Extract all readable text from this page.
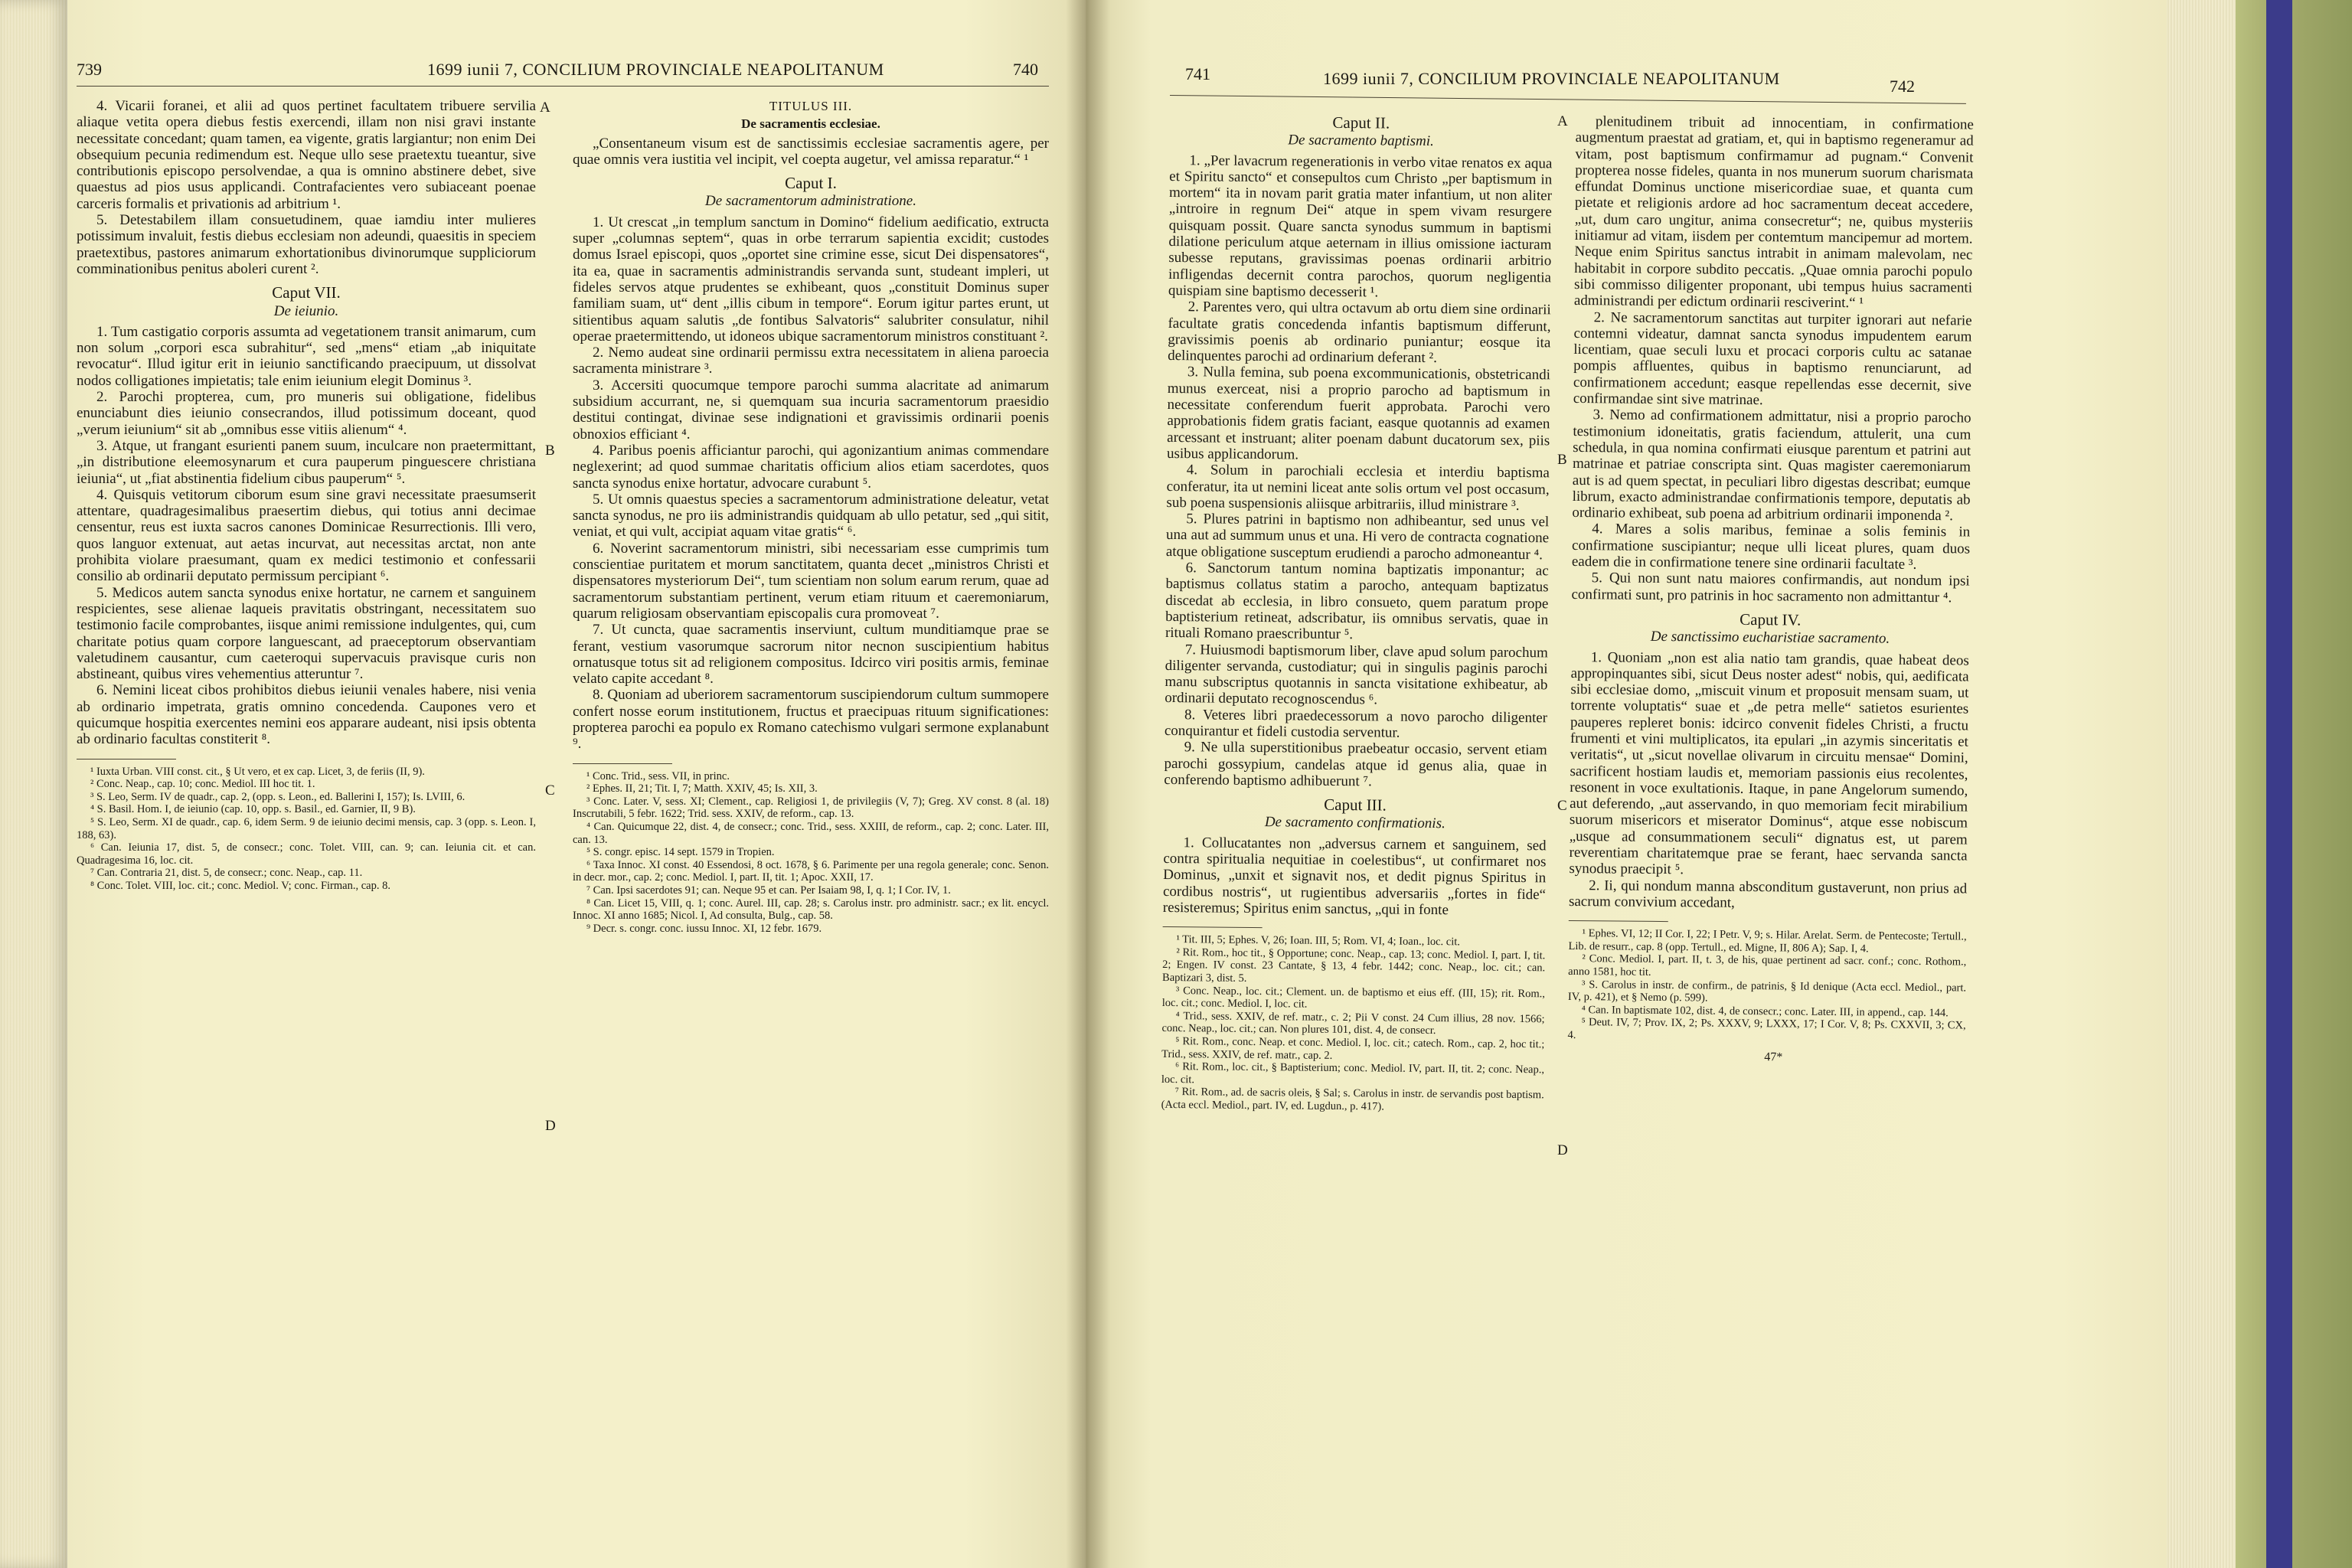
739	1699 iunii 7, CONCILIUM PROVINCIALE NEAPOLITANUM	740

4. Vicarii foranei, et alii ad quos pertinet facultatem tribuere servilia aliaque vetita opera diebus festis exercendi, illam non nisi gravi instante necessitate concedant; quam tamen, ea vigente, gratis largiantur; non enim Dei obsequium pecunia redimendum est. Neque ullo sese praetextu tueantur, sive contributionis episcopo persolvendae, a qua is omnino abstinere debet, sive quaestus ad pios usus applicandi. Contrafacientes vero subiaceant poenae carceris formalis et privationis ad arbitrium ¹.

5. Detestabilem illam consuetudinem, quae iamdiu inter mulieres potissimum invaluit, festis diebus ecclesiam non adeundi, quaesitis in speciem praetextibus, pastores animarum exhortationibus divinorumque suppliciorum comminationibus penitus aboleri curent ².

Caput VII.

De ieiunio.

1. Tum castigatio corporis assumta ad vegetationem transit animarum, cum non solum „corpori esca subrahitur“, sed „mens“ etiam „ab iniquitate revocatur“. Illud igitur erit in ieiunio sanctificando praecipuum, ut dissolvat nodos colligationes impietatis; tale enim ieiunium elegit Dominus ³.

2. Parochi propterea, cum, pro muneris sui obligatione, fidelibus enunciabunt dies ieiunio consecrandos, illud potissimum doceant, quod „verum ieiunium“ sit ab „omnibus esse vitiis alienum“ ⁴.

3. Atque, ut frangant esurienti panem suum, inculcare non praetermittant, „in distributione eleemosynarum et cura pauperum pinguescere christiana ieiunia“, ut „fiat abstinentia fidelium cibus pauperum“ ⁵.

4. Quisquis vetitorum ciborum esum sine gravi necessitate praesumserit attentare, quadragesimalibus praesertim diebus, qui totius anni decimae censentur, reus est iuxta sacros canones Dominicae Resurrectionis. Illi vero, quos languor extenuat, aut aetas incurvat, aut necessitas arctat, non ante prohibita violare praesumant, quam ex medici testimonio et confessarii consilio ab ordinarii deputato permissum percipiant ⁶.

5. Medicos autem sancta synodus enixe hortatur, ne carnem et sanguinem respicientes, sese alienae laqueis pravitatis obstringant, necessitatem suo testimonio facile comprobantes, iisque animi remissione indulgentes, qui, cum charitate potius quam corpore languescant, ad praeceptorum observantiam valetudinem causantur, cum caeteroqui supervacuis pravisque curis non abstineant, quibus vires vehementius atteruntur ⁷.

6. Nemini liceat cibos prohibitos diebus ieiunii venales habere, nisi venia ab ordinario impetrata, gratis omnino concedenda. Caupones vero et quicumque hospitia exercentes nemini eos apparare audeant, nisi ipsis obtenta ab ordinario facultas constiterit ⁸.

¹ Iuxta Urban. VIII const. cit., § Ut vero, et ex cap. Licet, 3, de feriis (II, 9).

² Conc. Neap., cap. 10; conc. Mediol. III hoc tit. 1.

³ S. Leo, Serm. IV de quadr., cap. 2, (opp. s. Leon., ed. Ballerini I, 157); Is. LVIII, 6.

⁴ S. Basil. Hom. I, de ieiunio (cap. 10, opp. s. Basil., ed. Garnier, II, 9 B).

⁵ S. Leo, Serm. XI de quadr., cap. 6, idem Serm. 9 de ieiunio decimi mensis, cap. 3 (opp. s. Leon. I, 188, 63).

⁶ Can. Ieiunia 17, dist. 5, de consecr.; conc. Tolet. VIII, can. 9; can. Ieiunia cit. et can. Quadragesima 16, loc. cit.

⁷ Can. Contraria 21, dist. 5, de consecr.; conc. Neap., cap. 11.

⁸ Conc. Tolet. VIII, loc. cit.; conc. Mediol. V; conc. Firman., cap. 8.

TITULUS III.

De sacramentis ecclesiae.

„Consentaneum visum est de sanctissimis ecclesiae sacramentis agere, per quae omnis vera iustitia vel incipit, vel coepta augetur, vel amissa reparatur.“ ¹

Caput I.

De sacramentorum administratione.

1. Ut crescat „in templum sanctum in Domino“ fidelium aedificatio, extructa super „columnas septem“, quas in orbe terrarum sapientia excidit; custodes domus Israel episcopi, quos „oportet sine crimine esse, sicut Dei dispensatores“, ita ea, quae in sacramentis administrandis servanda sunt, studeant impleri, ut fideles servos atque prudentes se exhibeant, quos „constituit Dominus super familiam suam, ut“ dent „illis cibum in tempore“. Eorum igitur partes erunt, ut sitientibus aquam salutis „de fontibus Salvatoris“ salubriter consulatur, nihil operae praetermittendo, ut idoneos ubique sacramentorum ministros constituant ².

2. Nemo audeat sine ordinarii permissu extra necessitatem in aliena paroecia sacramenta ministrare ³.

3. Accersiti quocumque tempore parochi summa alacritate ad animarum subsidium accurrant, ne, si quemquam sua incuria sacramentorum praesidio destitui contingat, divinae sese indignationi et gravissimis ordinarii poenis obnoxios efficiant ⁴.

4. Paribus poenis afficiantur parochi, qui agonizantium animas commendare neglexerint; ad quod summae charitatis officium alios etiam sacerdotes, quos sancta synodus enixe hortatur, advocare curabunt ⁵.

5. Ut omnis quaestus species a sacramentorum administratione deleatur, vetat sancta synodus, ne pro iis administrandis quidquam ab ullo petatur, sed „qui sitit, veniat, et qui vult, accipiat aquam vitae gratis“ ⁶.

6. Noverint sacramentorum ministri, sibi necessariam esse cumprimis tum conscientiae puritatem et morum sanctitatem, quanta decet „ministros Christi et dispensatores mysteriorum Dei“, tum scientiam non solum earum rerum, quae ad sacramentorum substantiam pertinent, verum etiam rituum et caeremoniarum, quarum religiosam observantiam episcopalis cura promoveat ⁷.

7. Ut cuncta, quae sacramentis inserviunt, cultum munditiamque prae se ferant, vestium vasorumque sacrorum nitor necnon suscipientium habitus ornatusque totus sit ad religionem compositus. Idcirco viri positis armis, feminae velato capite accedant ⁸.

8. Quoniam ad uberiorem sacramentorum suscipiendorum cultum summopere confert nosse eorum institutionem, fructus et praecipuas rituum significationes: propterea parochi ea populo ex Romano catechismo vulgari sermone explanabunt ⁹.

¹ Conc. Trid., sess. VII, in princ.

² Ephes. II, 21; Tit. I, 7; Matth. XXIV, 45; Is. XII, 3.

³ Conc. Later. V, sess. XI; Clement., cap. Religiosi 1, de privilegiis (V, 7); Greg. XV const. 8 (al. 18) Inscrutabili, 5 febr. 1622; Trid. sess. XXIV, de reform., cap. 13.

⁴ Can. Quicumque 22, dist. 4, de consecr.; conc. Trid., sess. XXIII, de reform., cap. 2; conc. Later. III, can. 13.

⁵ S. congr. episc. 14 sept. 1579 in Tropien.

⁶ Taxa Innoc. XI const. 40 Essendosi, 8 oct. 1678, § 6. Parimente per una regola generale; conc. Senon. in decr. mor., cap. 2; conc. Mediol. I, part. II, tit. 1; Apoc. XXII, 17.

⁷ Can. Ipsi sacerdotes 91; can. Neque 95 et can. Per Isaiam 98, I, q. 1; I Cor. IV, 1.

⁸ Can. Licet 15, VIII, q. 1; conc. Aurel. III, cap. 28; s. Carolus instr. pro administr. sacr.; ex lit. encycl. Innoc. XI anno 1685; Nicol. I, Ad consulta, Bulg., cap. 58.

⁹ Decr. s. congr. conc. iussu Innoc. XI, 12 febr. 1679.

A
B
C
D
741	1699 iunii 7, CONCILIUM PROVINCIALE NEAPOLITANUM	742

Caput II.

De sacramento baptismi.

1. „Per lavacrum regenerationis in verbo vitae renatos ex aqua et Spiritu sancto“ et consepultos cum Christo „per baptismum in mortem“ ita in novam parit gratia mater infantium, ut non aliter „introire in regnum Dei“ atque in spem vivam resurgere quisquam possit. Quare sancta synodus summum in baptismi dilatione periculum atque aeternam in illius omissione iacturam subesse reputans, gravissimas poenas ordinarii arbitrio infligendas decernit contra parochos, quorum negligentia quispiam sine baptismo decesserit ¹.

2. Parentes vero, qui ultra octavum ab ortu diem sine ordinarii facultate gratis concedenda infantis baptismum differunt, gravissimis poenis ab ordinario puniantur; eosque ita delinquentes parochi ad ordinarium deferant ².

3. Nulla femina, sub poena excommunicationis, obstetricandi munus exerceat, nisi a proprio parocho ad baptismum in necessitate conferendum fuerit approbata. Parochi vero approbationis fidem gratis faciant, easque quotannis ad examen arcessant et instruant; aliter poenam dabunt ducatorum sex, piis usibus applicandorum.

4. Solum in parochiali ecclesia et interdiu baptisma conferatur, ita ut nemini liceat ante solis ortum vel post occasum, sub poena suspensionis aliisque arbitrariis, illud ministrare ³.

5. Plures patrini in baptismo non adhibeantur, sed unus vel una aut ad summum unus et una. Hi vero de contracta cognatione atque obligatione susceptum erudiendi a parocho admoneantur ⁴.

6. Sanctorum tantum nomina baptizatis imponantur; ac baptismus collatus statim a parocho, antequam baptizatus discedat ab ecclesia, in libro consueto, quem paratum prope baptisterium retineat, adscribatur, iis omnibus servatis, quae in rituali Romano praescribuntur ⁵.

7. Huiusmodi baptismorum liber, clave apud solum parochum diligenter servanda, custodiatur; qui in singulis paginis parochi manu subscriptus quotannis in sancta visitatione exhibeatur, ab ordinarii deputato recognoscendus ⁶.

8. Veteres libri praedecessorum a novo parocho diligenter conquirantur et fideli custodia serventur.

9. Ne ulla superstitionibus praebeatur occasio, servent etiam parochi gossypium, candelas atque id genus alia, quae in conferendo baptismo adhibuerunt ⁷.

Caput III.

De sacramento confirmationis.

1. Collucatantes non „adversus carnem et sanguinem, sed contra spiritualia nequitiae in coelestibus“, ut confirmaret nos Dominus, „unxit et signavit nos, et dedit pignus Spiritus in cordibus nostris“, ut rugientibus adversariis „fortes in fide“ resisteremus; Spiritus enim sanctus, „qui in fonte

¹ Tit. III, 5; Ephes. V, 26; Ioan. III, 5; Rom. VI, 4; Ioan., loc. cit.

² Rit. Rom., hoc tit., § Opportune; conc. Neap., cap. 13; conc. Mediol. I, part. I, tit. 2; Engen. IV const. 23 Cantate, § 13, 4 febr. 1442; conc. Neap., loc. cit.; can. Baptizari 3, dist. 5.

³ Conc. Neap., loc. cit.; Clement. un. de baptismo et eius eff. (III, 15); rit. Rom., loc. cit.; conc. Mediol. I, loc. cit.

⁴ Trid., sess. XXIV, de ref. matr., c. 2; Pii V const. 24 Cum illius, 28 nov. 1566; conc. Neap., loc. cit.; can. Non plures 101, dist. 4, de consecr.

⁵ Rit. Rom., conc. Neap. et conc. Mediol. I, loc. cit.; catech. Rom., cap. 2, hoc tit.; Trid., sess. XXIV, de ref. matr., cap. 2.

⁶ Rit. Rom., loc. cit., § Baptisterium; conc. Mediol. IV, part. II, tit. 2; conc. Neap., loc. cit.

⁷ Rit. Rom., ad. de sacris oleis, § Sal; s. Carolus in instr. de servandis post baptism. (Acta eccl. Mediol., part. IV, ed. Lugdun., p. 417).

plenitudinem tribuit ad innocentiam, in confirmatione augmentum praestat ad gratiam, et, qui in baptismo regeneramur ad vitam, post baptismum confirmamur ad pugnam.“ Convenit propterea nosse fideles, quanta in nos munerum suorum charismata effundat Dominus unctione misericordiae suae, et quanta cum pietate et religionis ardore ad hoc sacramentum deceat accedere, „ut, dum caro ungitur, anima consecretur“; ne, quibus mysteriis initiamur ad vitam, iisdem per contemtum mancipemur ad mortem. Neque enim Spiritus sanctus intrabit in animam malevolam, nec habitabit in corpore subdito peccatis. „Quae omnia parochi populo sibi commisso diligenter proponant, ubi tempus huius sacramenti administrandi per edictum ordinarii resciverint.“ ¹

2. Ne sacramentorum sanctitas aut turpiter ignorari aut nefarie contemni videatur, damnat sancta synodus impudentem earum licentiam, quae seculi luxu et procaci corporis cultu ac satanae pompis affluentes, quibus in baptismo renunciarunt, ad confirmationem accedunt; easque repellendas esse decernit, sive confirmandae sint sive matrinae.

3. Nemo ad confirmationem admittatur, nisi a proprio parocho testimonium idoneitatis, gratis faciendum, attulerit, una cum schedula, in qua nomina confirmati eiusque parentum et patrini aut matrinae et patriae conscripta sint. Quas magister caeremoniarum aut is ad quem spectat, in peculiari libro digestas describat; eumque librum, exacto administrandae confirmationis tempore, deputatis ab ordinario exhibeat, sub poena ad arbitrium ordinarii imponenda ².

4. Mares a solis maribus, feminae a solis feminis in confirmatione suscipiantur; neque ulli liceat plures, quam duos eadem die in confirmatione tenere sine ordinarii facultate ³.

5. Qui non sunt natu maiores confirmandis, aut nondum ipsi confirmati sunt, pro patrinis in hoc sacramento non admittantur ⁴.

Caput IV.

De sanctissimo eucharistiae sacramento.

1. Quoniam „non est alia natio tam grandis, quae habeat deos appropinquantes sibi, sicut Deus noster adest“ nobis, qui, aedificata sibi ecclesiae domo, „miscuit vinum et proposuit mensam suam, ut torrente voluptatis“ suae et „de petra melle“ satietos esurientes pauperes repleret bonis: idcirco convenit fideles Christi, a fructu frumenti et vini multiplicatos, ita epulari „in azymis sinceritatis et veritatis“, ut „sicut novellae olivarum in circuitu mensae“ Domini, sacrificent hostiam laudis et, memoriam passionis eius recolentes, resonent in voce exultationis. Itaque, in pane Angelorum sumendo, aut deferendo, „aut asservando, in quo memoriam fecit mirabilium suorum misericors et miserator Dominus“, atque esse nobiscum „usque ad consummationem seculi“ dignatus est, ut parem reverentiam charitatemque prae se ferant, haec servanda sancta synodus praecipit ⁵.

2. Ii, qui nondum manna absconditum gustaverunt, non prius ad sacrum convivium accedant,

¹ Ephes. VI, 12; II Cor. I, 22; I Petr. V, 9; s. Hilar. Arelat. Serm. de Pentecoste; Tertull., Lib. de resurr., cap. 8 (opp. Tertull., ed. Migne, II, 806 A); Sap. I, 4.

² Conc. Mediol. I, part. II, t. 3, de his, quae pertinent ad sacr. conf.; conc. Rothom., anno 1581, hoc tit.

³ S. Carolus in instr. de confirm., de patrinis, § Id denique (Acta eccl. Mediol., part. IV, p. 421), et § Nemo (p. 599).

⁴ Can. In baptismate 102, dist. 4, de consecr.; conc. Later. III, in append., cap. 144.

⁵ Deut. IV, 7; Prov. IX, 2; Ps. XXXV, 9; LXXX, 17; I Cor. V, 8; Ps. CXXVII, 3; CX, 4.

47*

A
B
C
D
